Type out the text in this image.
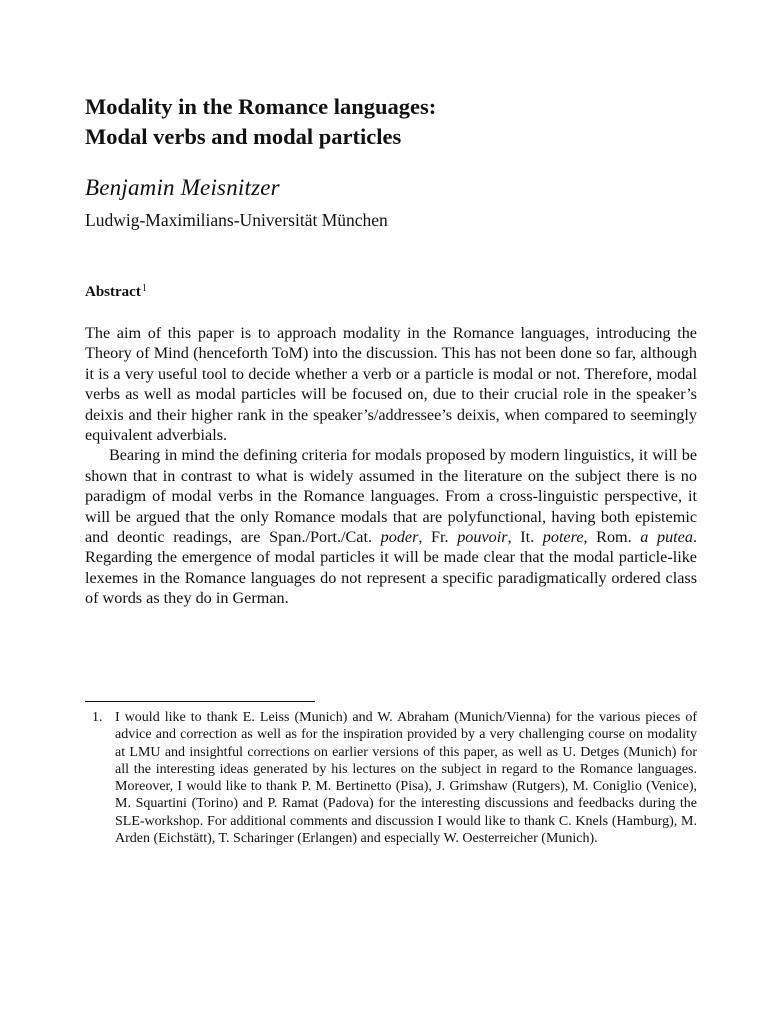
Modality in the Romance languages:
Modal verbs and modal particles
Benjamin Meisnitzer
Ludwig-Maximilians-Universität München
Abstract$^1$

The aim of this paper is to approach modality in the Romance languages, introducing the Theory of Mind (henceforth ToM) into the discussion. This has not been done so far, although it is a very useful tool to decide whether a verb or a particle is modal or not. Therefore, modal verbs as well as modal particles will be focused on, due to their crucial role in the speaker’s deixis and their higher rank in the speaker’s/addressee’s deixis, when compared to seemingly equivalent adverbials.

Bearing in mind the defining criteria for modals proposed by modern linguistics, it will be shown that in contrast to what is widely assumed in the literature on the subject there is no paradigm of modal verbs in the Romance languages. From a cross-linguistic perspective, it will be argued that the only Romance modals that are polyfunctional, having both epistemic and deontic readings, are Span./Port./Cat. poder, Fr. pouvoir, It. potere, Rom. a putea. Regarding the emergence of modal particles it will be made clear that the modal particle-like lexemes in the Romance languages do not represent a specific paradigmatically ordered class of words as they do in German.

1. I would like to thank E. Leiss (Munich) and W. Abraham (Munich/Vienna) for the various pieces of advice and correction as well as for the inspiration provided by a very challenging course on modality at LMU and insightful corrections on earlier versions of this paper, as well as U. Detges (Munich) for all the interesting ideas generated by his lectures on the subject in regard to the Romance languages. Moreover, I would like to thank P. M. Bertinetto (Pisa), J. Grimshaw (Rutgers), M. Coniglio (Venice), M. Squartini (Torino) and P. Ramat (Padova) for the interesting discussions and feedbacks during the SLE-workshop. For additional comments and discussion I would like to thank C. Knels (Hamburg), M. Arden (Eichstätt), T. Scharinger (Erlangen) and especially W. Oesterreicher (Munich).
